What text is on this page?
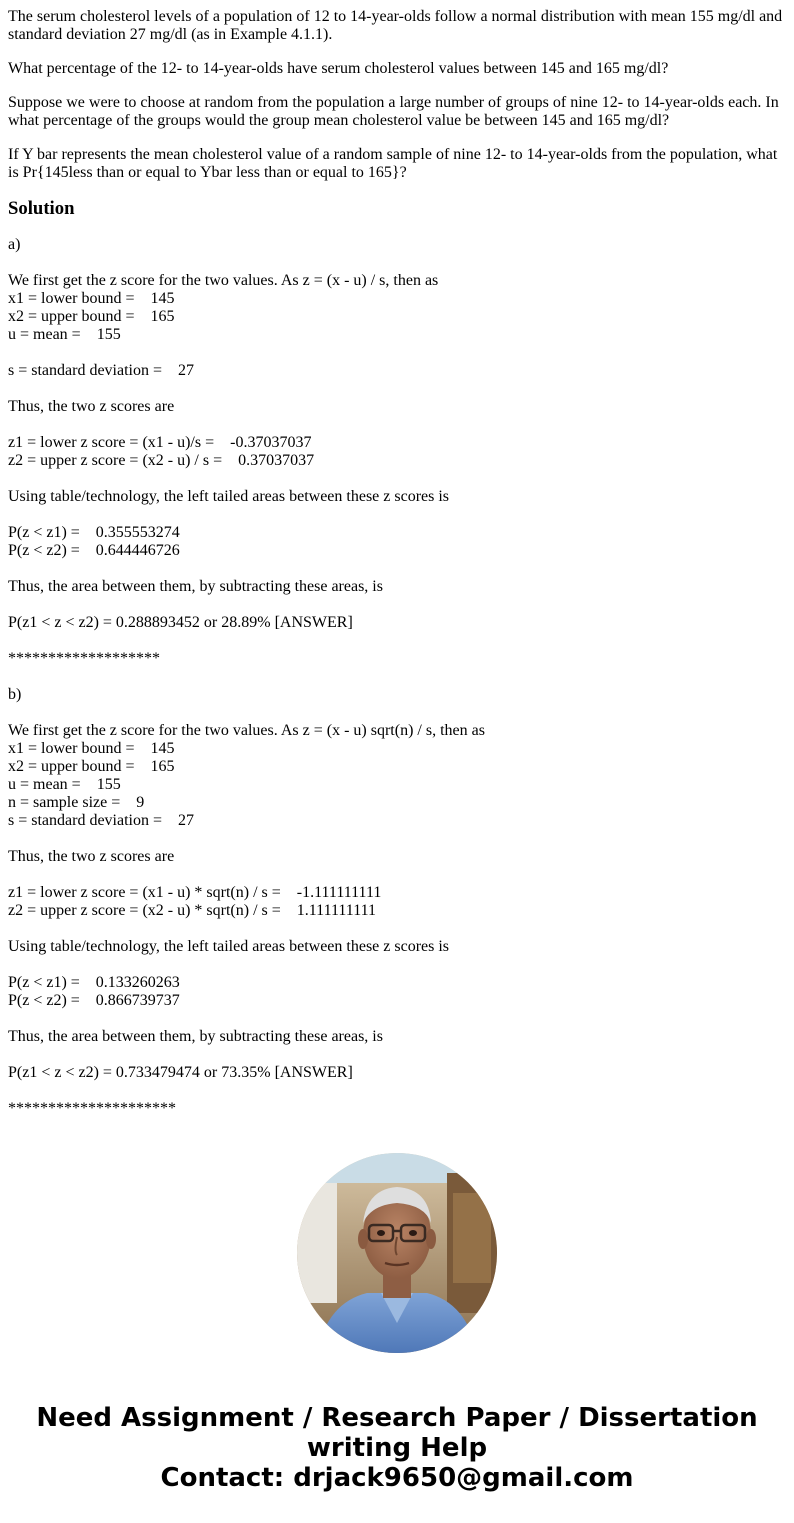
The serum cholesterol levels of a population of 12 to 14-year-olds follow a normal distribution with mean 155 mg/dl and standard deviation 27 mg/dl (as in Example 4.1.1).

What percentage of the 12- to 14-year-olds have serum cholesterol values between 145 and 165 mg/dl?

Suppose we were to choose at random from the population a large number of groups of nine 12- to 14-year-olds each. In what percentage of the groups would the group mean cholesterol value be between 145 and 165 mg/dl?

If Y bar represents the mean cholesterol value of a random sample of nine 12- to 14-year-olds from the population, what is Pr{145less than or equal to Ybar less than or equal to 165}?

Solution
a)
We first get the z score for the two values. As z = (x - u) / s, then as
x1 = lower bound =    145
x2 = upper bound =    165
u = mean =    155
s = standard deviation =    27
Thus, the two z scores are
z1 = lower z score = (x1 - u)/s =    -0.37037037
z2 = upper z score = (x2 - u) / s =    0.37037037
Using table/technology, the left tailed areas between these z scores is
P(z < z1) =    0.355553274
P(z < z2) =    0.644446726
Thus, the area between them, by subtracting these areas, is
P(z1 < z < z2) = 0.288893452 or 28.89% [ANSWER]
*******************
b)
We first get the z score for the two values. As z = (x - u) sqrt(n) / s, then as
x1 = lower bound =    145
x2 = upper bound =    165
u = mean =    155
n = sample size =    9
s = standard deviation =    27
Thus, the two z scores are
z1 = lower z score = (x1 - u) * sqrt(n) / s =    -1.111111111
z2 = upper z score = (x2 - u) * sqrt(n) / s =    1.111111111
Using table/technology, the left tailed areas between these z scores is
P(z < z1) =    0.133260263
P(z < z2) =    0.866739737
Thus, the area between them, by subtracting these areas, is
P(z1 < z < z2) = 0.733479474 or 73.35% [ANSWER]
*********************
Need Assignment / Research Paper / Dissertation
writing Help
Contact: drjack9650@gmail.com
